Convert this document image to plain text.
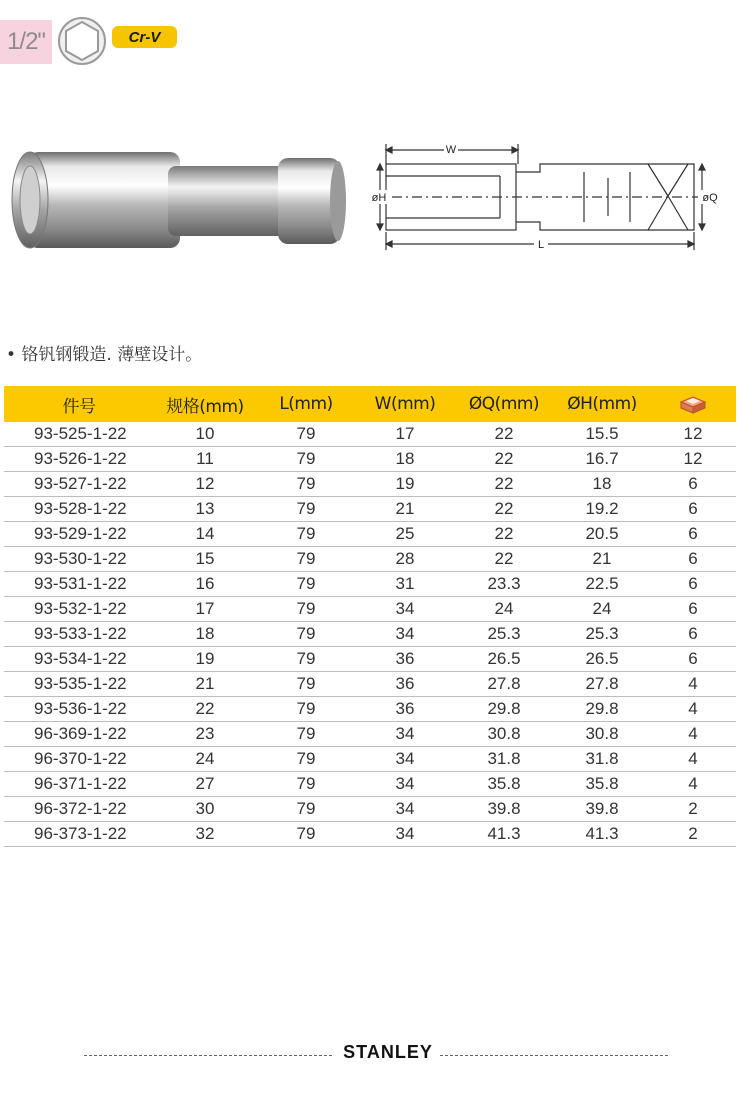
1/2"	Cr-V
W
øH	øQ
L
• 铬钒钢锻造. 薄壁设计。
件号	规格(mm)	L(mm)	W(mm)	ØQ(mm)	ØH(mm)	

93-525-1-22	10	79	17	22	15.5	12
93-526-1-22	11	79	18	22	16.7	12
93-527-1-22	12	79	19	22	18	6
93-528-1-22	13	79	21	22	19.2	6
93-529-1-22	14	79	25	22	20.5	6
93-530-1-22	15	79	28	22	21	6
93-531-1-22	16	79	31	23.3	22.5	6
93-532-1-22	17	79	34	24	24	6
93-533-1-22	18	79	34	25.3	25.3	6
93-534-1-22	19	79	36	26.5	26.5	6
93-535-1-22	21	79	36	27.8	27.8	4
93-536-1-22	22	79	36	29.8	29.8	4
96-369-1-22	23	79	34	30.8	30.8	4
96-370-1-22	24	79	34	31.8	31.8	4
96-371-1-22	27	79	34	35.8	35.8	4
96-372-1-22	30	79	34	39.8	39.8	2
96-373-1-22	32	79	34	41.3	41.3	2
STANLEY
